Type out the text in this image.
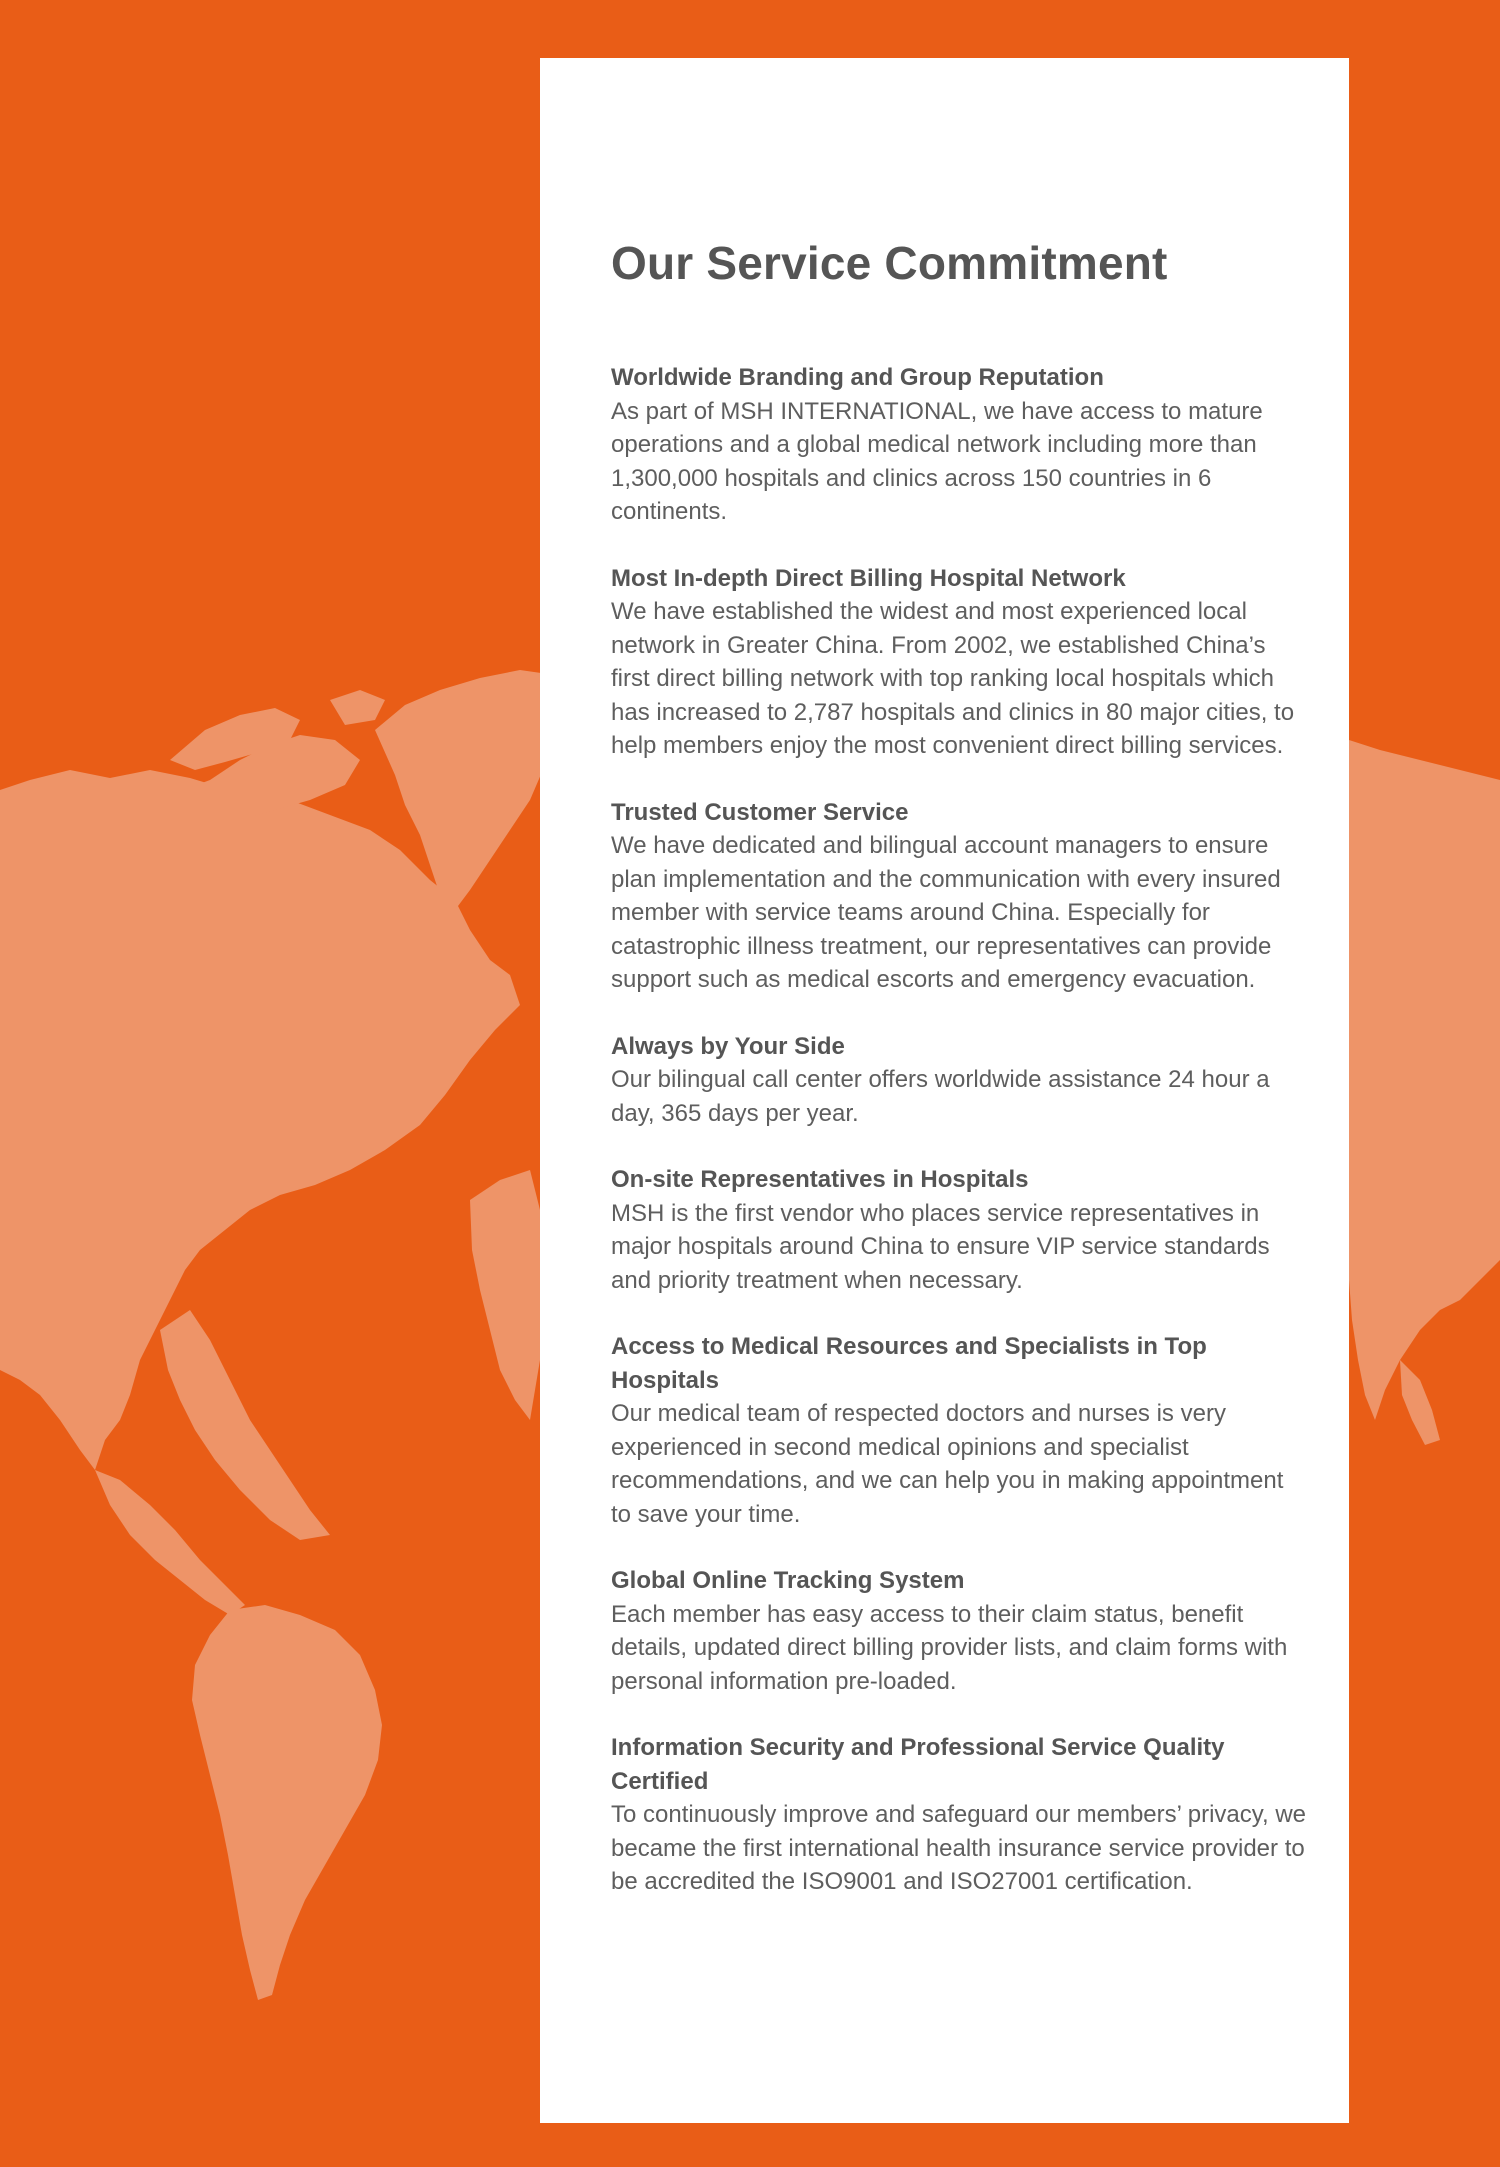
Our Service Commitment

Worldwide Branding and Group Reputation

As part of MSH INTERNATIONAL, we have access to mature operations and a global medical network including more than 1,300,000 hospitals and clinics across 150 countries in 6 continents.

Most In-depth Direct Billing Hospital Network

We have established the widest and most experienced local network in Greater China. From 2002, we established China’s first direct billing network with top ranking local hospitals which has increased to 2,787 hospitals and clinics in 80 major cities, to help members enjoy the most convenient direct billing services.

Trusted Customer Service

We have dedicated and bilingual account managers to ensure plan implementation and the communication with every insured member with service teams around China. Especially for catastrophic illness treatment, our representatives can provide support such as medical escorts and emergency evacuation.

Always by Your Side

Our bilingual call center offers worldwide assistance 24 hour a day, 365 days per year.

On-site Representatives in Hospitals

MSH is the first vendor who places service representatives in major hospitals around China to ensure VIP service standards and priority treatment when necessary.

Access to Medical Resources and Specialists in Top Hospitals

Our medical team of respected doctors and nurses is very experienced in second medical opinions and specialist recommendations, and we can help you in making appointment to save your time.

Global Online Tracking System

Each member has easy access to their claim status, benefit details, updated direct billing provider lists, and claim forms with personal information pre-loaded.

Information Security and Professional Service Quality Certified

To continuously improve and safeguard our members’ privacy, we became the first international health insurance service provider to be accredited the ISO9001 and ISO27001 certification.
